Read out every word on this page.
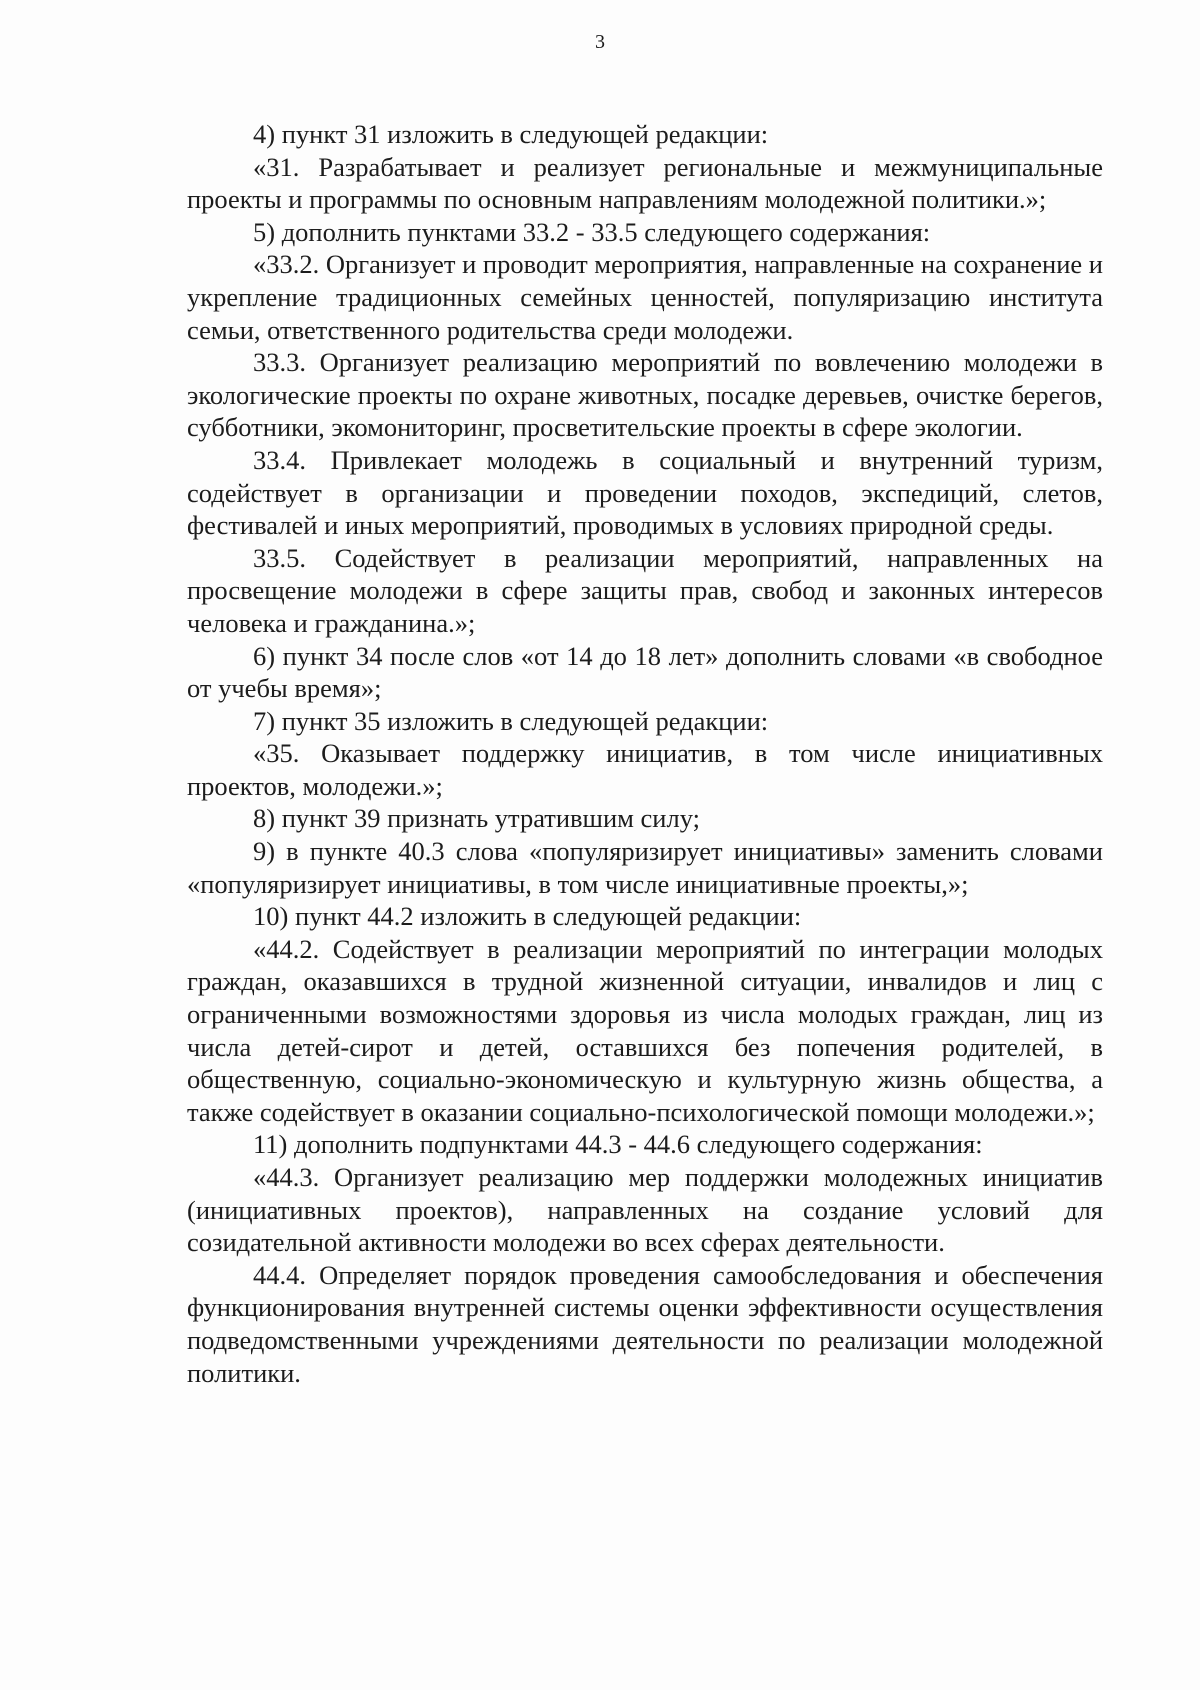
3

4) пункт 31 изложить в следующей редакции:

«31. Разрабатывает и реализует региональные и межмуниципальные проекты и программы по основным направлениям молодежной политики.»;

5) дополнить пунктами 33.2 - 33.5 следующего содержания:

«33.2. Организует и проводит мероприятия, направленные на сохранение и укрепление традиционных семейных ценностей, популяризацию института семьи, ответственного родительства среди молодежи.

33.3. Организует реализацию мероприятий по вовлечению молодежи в экологические проекты по охране животных, посадке деревьев, очистке берегов, субботники, экомониторинг, просветительские проекты в сфере экологии.

33.4. Привлекает молодежь в социальный и внутренний туризм, содействует в организации и проведении походов, экспедиций, слетов, фестивалей и иных мероприятий, проводимых в условиях природной среды.

33.5. Содействует в реализации мероприятий, направленных на просвещение молодежи в сфере защиты прав, свобод и законных интересов человека и гражданина.»;

6) пункт 34 после слов «от 14 до 18 лет» дополнить словами «в свободное от учебы время»;

7) пункт 35 изложить в следующей редакции:

«35. Оказывает поддержку инициатив, в том числе инициативных проектов, молодежи.»;

8) пункт 39 признать утратившим силу;

9) в пункте 40.3 слова «популяризирует инициативы» заменить словами «популяризирует инициативы, в том числе инициативные проекты,»;

10) пункт 44.2 изложить в следующей редакции:

«44.2. Содействует в реализации мероприятий по интеграции молодых граждан, оказавшихся в трудной жизненной ситуации, инвалидов и лиц с ограниченными возможностями здоровья из числа молодых граждан, лиц из числа детей-сирот и детей, оставшихся без попечения родителей, в общественную, социально-экономическую и культурную жизнь общества, а также содействует в оказании социально-психологической помощи молодежи.»;

11) дополнить подпунктами 44.3 - 44.6 следующего содержания:

«44.3. Организует реализацию мер поддержки молодежных инициатив (инициативных проектов), направленных на создание условий для созидательной активности молодежи во всех сферах деятельности.

44.4. Определяет порядок проведения самообследования и обеспечения функционирования внутренней системы оценки эффективности осуществления подведомственными учреждениями деятельности по реализации молодежной политики.
